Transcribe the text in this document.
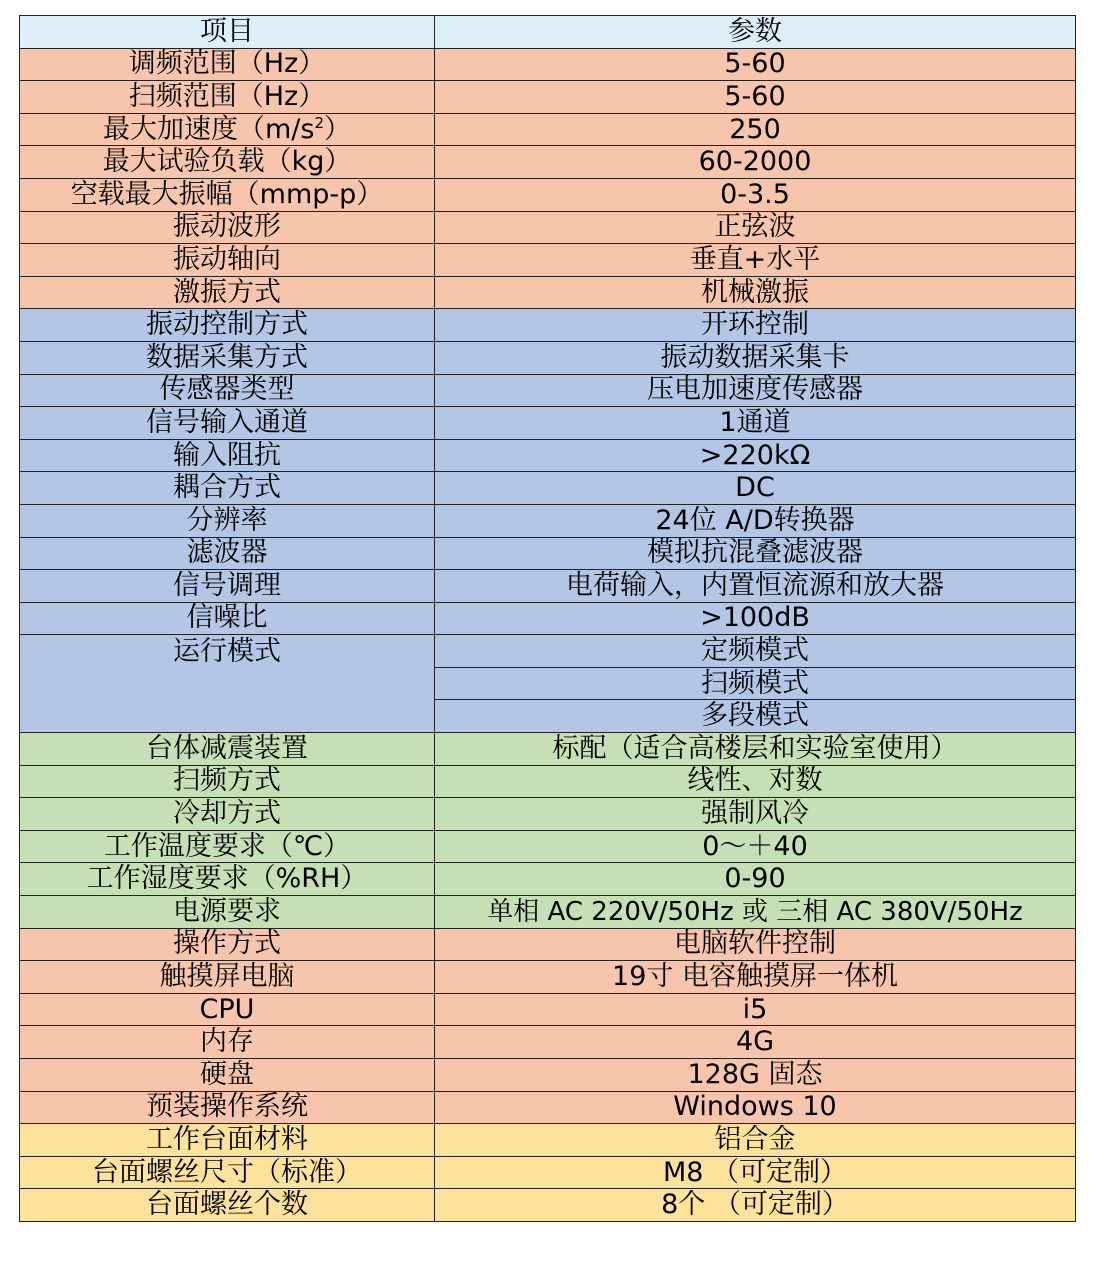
项目	参数
调频范围（Hz）	5-60
扫频范围（Hz）	5-60
最大加速度$(m/s^2)$	250
最大试验负载（kg）	60-2000
空载最大振幅（mmp-p）	0-3.5
振动波形	正弦波
振动轴向	垂直+水平
激振方式	机械激振
振动控制方式	开环控制
数据采集方式	振动数据采集卡
传感器类型	压电加速度传感器
信号输入通道	1通道
输入阻抗	>220kΩ
耦合方式	DC
分辨率	24位 A/D转换器
滤波器	模拟抗混叠滤波器
信号调理	电荷输入，内置恒流源和放大器
信噪比	>100dB
运行模式	定频模式
	扫频模式
	多段模式
台体减震装置	标配（适合高楼层和实验室使用）
扫频方式	线性、对数
冷却方式	强制风冷
工作温度要求（℃）	0～＋40
工作湿度要求（%RH）	0-90
电源要求	单相 AC 220V/50Hz 或 三相 AC 380V/50Hz
操作方式	电脑软件控制
触摸屏电脑	19寸 电容触摸屏一体机
CPU	i5
内存	4G
硬盘	128G 固态
预装操作系统	Windows 10
工作台面材料	铝合金
台面螺丝尺寸（标准）	M8 （可定制）
台面螺丝个数	8个 （可定制）
